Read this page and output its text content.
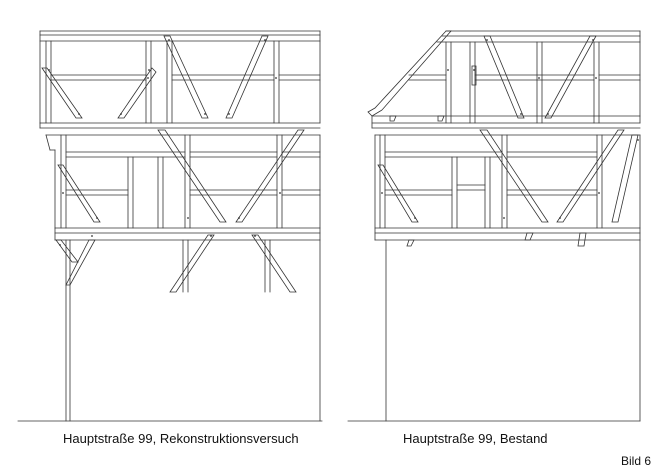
Hauptstraße 99, Rekonstruktionsversuch	Hauptstraße 99, Bestand
Bild 6
